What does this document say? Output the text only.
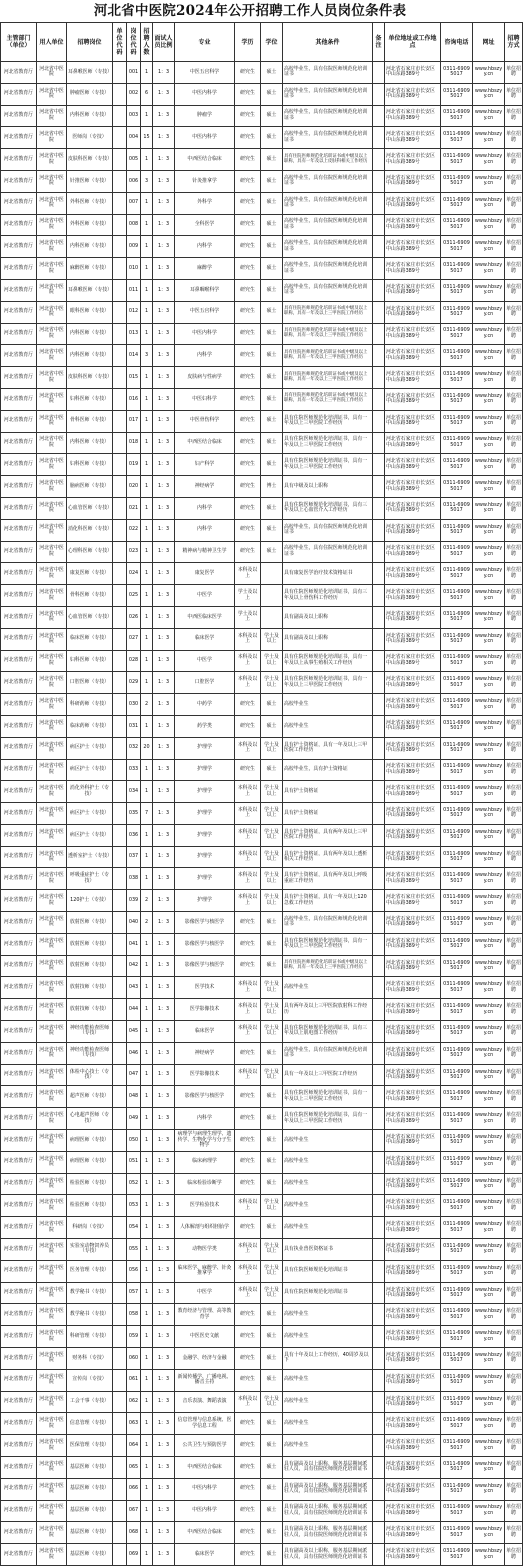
河北省中医院2024年公开招聘工作人员岗位条件表
主管部门（单位）	用人单位	招聘岗位	单位代码	岗位代码	招聘人数	面试人员比例	专业	学历	学位	其他条件	备注	单位地址或工作地点	咨询电话	网址	招聘方式
河北省教育厅	河北省中医院	耳鼻喉医师（专技）		001	1	1：3	中医五官科学	研究生	硕士	高校毕业生，具有住院医师规范化培训证书		河北省石家庄市长安区中山东路389号	0311-69095017	www.hbszyy.cn	单位招聘
河北省教育厅	河北省中医院	肿瘤医师（专技）		002	6	1：3	中医内科学	研究生	硕士	高校毕业生，具有住院医师规范化培训证书		河北省石家庄市长安区中山东路389号	0311-69095017	www.hbszyy.cn	单位招聘
河北省教育厅	河北省中医院	内科医师（专技）		003	1	1：3	肿瘤学	研究生	硕士	高校毕业生，具有住院医师规范化培训证书		河北省石家庄市长安区中山东路389号	0311-69095017	www.hbszyy.cn	单位招聘
河北省教育厅	河北省中医院	医师岗（专技）		004	15	1：3	中医内科学	研究生	硕士	高校毕业生，具有住院医师规范化培训证书		河北省石家庄市长安区中山东路389号	0311-69095017	www.hbszyy.cn	单位招聘
河北省教育厅	河北省中医院	皮肤科医师（专技）		005	1	1：3	中西医结合临床	研究生	硕士	具有住院医师规范化培训证书或中级及以上职称，具有一年及以上皮肤科相关工作经历		河北省石家庄市长安区中山东路389号	0311-69095017	www.hbszyy.cn	单位招聘
河北省教育厅	河北省中医院	针推医师（专技）		006	3	1：3	针灸推拿学	研究生	硕士	高校毕业生，具有住院医师规范化培训证书		河北省石家庄市长安区中山东路389号	0311-69095017	www.hbszyy.cn	单位招聘
河北省教育厅	河北省中医院	外科医师（专技）		007	1	1：3	外科学	研究生	硕士	高校毕业生，具有住院医师规范化培训证书		河北省石家庄市长安区中山东路389号	0311-69095017	www.hbszyy.cn	单位招聘
河北省教育厅	河北省中医院	外科医师（专技）		008	1	1：3	全科医学	研究生	硕士	高校毕业生，具有住院医师规范化培训证书		河北省石家庄市长安区中山东路389号	0311-69095017	www.hbszyy.cn	单位招聘
河北省教育厅	河北省中医院	内科医师（专技）		009	1	1：3	内科学	研究生	硕士	高校毕业生，具有住院医师规范化培训证书		河北省石家庄市长安区中山东路389号	0311-69095017	www.hbszyy.cn	单位招聘
河北省教育厅	河北省中医院	麻醉医师（专技）		010	1	1：3	麻醉学	研究生	硕士	高校毕业生，具有住院医师规范化培训证书		河北省石家庄市长安区中山东路389号	0311-69095017	www.hbszyy.cn	单位招聘
河北省教育厅	河北省中医院	耳鼻喉医师（专技）		011	1	1：3	耳鼻咽喉科学	研究生	硕士	高校毕业生，具有住院医师规范化培训证书		河北省石家庄市长安区中山东路389号	0311-69095017	www.hbszyy.cn	单位招聘
河北省教育厅	河北省中医院	眼科医师（专技）		012	1	1：3	中医五官科学	研究生	硕士	具有住院医师规范化培训证书或中级及以上职称，具有一年及以上三甲医院工作经历		河北省石家庄市长安区中山东路389号	0311-69095017	www.hbszyy.cn	单位招聘
河北省教育厅	河北省中医院	内科医师（专技）		013	1	1：3	中医内科学	研究生	硕士	具有住院医师规范化培训证书或中级及以上职称，具有一年及以上三甲医院工作经历		河北省石家庄市长安区中山东路389号	0311-69095017	www.hbszyy.cn	单位招聘
河北省教育厅	河北省中医院	内科医师（专技）		014	3	1：3	内科学	研究生	硕士	具有住院医师规范化培训证书或中级及以上职称，具有一年及以上三甲医院工作经历		河北省石家庄市长安区中山东路389号	0311-69095017	www.hbszyy.cn	单位招聘
河北省教育厅	河北省中医院	皮肤科医师（专技）		015	1	1：3	皮肤病与性病学	研究生	硕士	具有住院医师规范化培训证书或中级及以上职称，具有一年及以上三甲医院工作经历		河北省石家庄市长安区中山东路389号	0311-69095017	www.hbszyy.cn	单位招聘
河北省教育厅	河北省中医院	妇科医师（专技）		016	1	1：3	中医妇科学	研究生	硕士	具有住院医师规范化培训证书或中级及以上职称，具有一年及以上三甲医院工作经历		河北省石家庄市长安区中山东路389号	0311-69095017	www.hbszyy.cn	单位招聘
河北省教育厅	河北省中医院	骨科医师（专技）		017	1	1：3	中医骨伤科学	研究生	硕士	具有住院医师规范化培训证书，具有一年及以上三甲医院工作经历		河北省石家庄市长安区中山东路389号	0311-69095017	www.hbszyy.cn	单位招聘
河北省教育厅	河北省中医院	内科医师（专技）		018	1	1：3	中西医结合临床	研究生	硕士	具有住院医师规范化培训证书，具有一年及以上三甲医院工作经历		河北省石家庄市长安区中山东路389号	0311-69095017	www.hbszyy.cn	单位招聘
河北省教育厅	河北省中医院	妇科医师（专技）		019	1	1：3	妇产科学	研究生	硕士	具有住院医师规范化培训证书，具有一年及以上三甲医院工作经历		河北省石家庄市长安区中山东路389号	0311-69095017	www.hbszyy.cn	单位招聘
河北省教育厅	河北省中医院	脑病医师（专技）		020	1	1：3	神经病学	研究生	博士	具有中级及以上职称		河北省石家庄市长安区中山东路389号	0311-69095017	www.hbszyy.cn	单位招聘
河北省教育厅	河北省中医院	心血管医师（专技）		021	1	1：3	内科学	研究生	硕士	具有住院医师规范化培训证书，具有三年及以上心血管介入工作经历		河北省石家庄市长安区中山东路389号	0311-69095017	www.hbszyy.cn	单位招聘
河北省教育厅	河北省中医院	消化科医师（专技）		022	1	1：3	内科学	研究生	硕士	高校毕业生，具有住院医师规范化培训证书		河北省石家庄市长安区中山东路389号	0311-69095017	www.hbszyy.cn	单位招聘
河北省教育厅	河北省中医院	心理科医师（专技）		023	1	1：3	精神病与精神卫生学	研究生	硕士	高校毕业生，具有住院医师规范化培训证书		河北省石家庄市长安区中山东路389号	0311-69095017	www.hbszyy.cn	单位招聘
河北省教育厅	河北省中医院	康复医师（专技）		024	1	1：3	康复医学	本科及以上		具有康复医学治疗技术资格证书		河北省石家庄市长安区中山东路389号	0311-69095017	www.hbszyy.cn	单位招聘
河北省教育厅	河北省中医院	骨科医师（专技）		025	1	1：3	中医学	学士及以上		具有住院医师规范化培训证书，具有三年及以上骨伤科工作经历		河北省石家庄市长安区中山东路389号	0311-69095017	www.hbszyy.cn	单位招聘
河北省教育厅	河北省中医院	心血管医师（专技）		026	1	1：3	中西医临床医学	学士及以上		具有副高及以上职称		河北省石家庄市长安区中山东路389号	0311-69095017	www.hbszyy.cn	单位招聘
河北省教育厅	河北省中医院	临床医师（专技）		027	1	1：3	临床医学	本科及以上	学士及以上	具有副高及以上职称		河北省石家庄市长安区中山东路389号	0311-69095017	www.hbszyy.cn	单位招聘
河北省教育厅	河北省中医院	妇科医师（专技）		028	1	1：3	中医学	本科及以上	学士及以上	具有住院医师规范化培训证书，具有一年及以上从事生殖相关工作经历		河北省石家庄市长安区中山东路389号	0311-69095017	www.hbszyy.cn	单位招聘
河北省教育厅	河北省中医院	口腔医师（专技）		029	1	1：3	口腔医学	本科及以上	学士及以上	具有住院医师规范化培训证书，具有一年及以上三甲医院工作经历		河北省石家庄市长安区中山东路389号	0311-69095017	www.hbszyy.cn	单位招聘
河北省教育厅	河北省中医院	科研药师（专技）		030	2	1：3	中药学	研究生	硕士	高校毕业生		河北省石家庄市长安区中山东路389号	0311-69095017	www.hbszyy.cn	单位招聘
河北省教育厅	河北省中医院	临床药师（专技）		031	1	1：3	药学类	研究生	硕士	高校毕业生		河北省石家庄市长安区中山东路389号	0311-69095017	www.hbszyy.cn	单位招聘
河北省教育厅	河北省中医院	病区护士（专技）		032	20	1：3	护理学	本科及以上	学士及以上	具有护士资格证，具有一年及以上三甲医院工作经历		河北省石家庄市长安区中山东路389号	0311-69095017	www.hbszyy.cn	单位招聘
河北省教育厅	河北省中医院	病区护士（专技）		033	1	1：3	护理学	研究生	硕士	高校毕业生，具有护士资格证		河北省石家庄市长安区中山东路389号	0311-69095017	www.hbszyy.cn	单位招聘
河北省教育厅	河北省中医院	消化外科护士（专技）		034	1	1：3	护理学	本科及以上	学士及以上	具有护士资格证		河北省石家庄市长安区中山东路389号	0311-69095017	www.hbszyy.cn	单位招聘
河北省教育厅	河北省中医院	病区护士（专技）		035	7	1：3	护理学	本科及以上	学士及以上	具有护士资格证		河北省石家庄市长安区中山东路389号	0311-69095017	www.hbszyy.cn	单位招聘
河北省教育厅	河北省中医院	病区护士（专技）		036	1	1：3	护理学	本科及以上	学士及以上	具有护士资格证，具有两年及以上三甲医院工作经历		河北省石家庄市长安区中山东路389号	0311-69095017	www.hbszyy.cn	单位招聘
河北省教育厅	河北省中医院	透析室护士（专技）		037	1	1：3	护理学	本科及以上	学士及以上	具有护士资格证，具有两年及以上透析相关工作经历		河北省石家庄市长安区中山东路389号	0311-69095017	www.hbszyy.cn	单位招聘
河北省教育厅	河北省中医院	呼吸重症护士（专技）		038	1	1：3	护理学	本科及以上	学士及以上	具有护士资格证，具有两年及以上呼吸重症工作经历		河北省石家庄市长安区中山东路389号	0311-69095017	www.hbszyy.cn	单位招聘
河北省教育厅	河北省中医院	120护士（专技）		039	2	1：3	护理学	本科及以上	学士及以上	具有护士资格证，具有一年及以上120急救工作经历		河北省石家庄市长安区中山东路389号	0311-69095017	www.hbszyy.cn	单位招聘
河北省教育厅	河北省中医院	放射医师（专技）		040	2	1：3	影像医学与核医学	研究生	硕士	高校毕业生，具有住院医师规范化培训证书		河北省石家庄市长安区中山东路389号	0311-69095017	www.hbszyy.cn	单位招聘
河北省教育厅	河北省中医院	放射医师（专技）		041	1	1：3	影像医学与核医学	研究生	硕士	具有住院医师规范化培训证书，具有一年及以上三甲医院工作经历		河北省石家庄市长安区中山东路389号	0311-69095017	www.hbszyy.cn	单位招聘
河北省教育厅	河北省中医院	放射医师（专技）		042	1	1：3	影像医学与核医学	研究生	硕士	具有住院医师规范化培训证书或中级及以上职称，具有一年及以上三甲医院工作经历		河北省石家庄市长安区中山东路389号	0311-69095017	www.hbszyy.cn	单位招聘
河北省教育厅	河北省中医院	放射技师（专技）		043	1	1：3	医学技术	本科及以上	学士及以上	高校毕业生		河北省石家庄市长安区中山东路389号	0311-69095017	www.hbszyy.cn	单位招聘
河北省教育厅	河北省中医院	放射技师（专技）		044	1	1：3	医学影像技术	本科及以上	学士及以上	具有两年及以上三甲医院放射科工作经历		河北省石家庄市长安区中山东路389号	0311-69095017	www.hbszyy.cn	单位招聘
河北省教育厅	河北省中医院	神经功能检查医师（专技）		045	1	1：3	临床医学	本科及以上	学士及以上	具有住院医师规范化培训证书，具有三年及以上肌电图工作经历		河北省石家庄市长安区中山东路389号	0311-69095017	www.hbszyy.cn	单位招聘
河北省教育厅	河北省中医院	神经功能检查医师（专技）		046	1	1：3	神经病学	研究生	硕士	高校毕业生，具有住院医师规范化培训证书		河北省石家庄市长安区中山东路389号	0311-69095017	www.hbszyy.cn	单位招聘
河北省教育厅	河北省中医院	体检中心技士（专技）		047	1	1：3	医学影像技术	本科及以上	学士及以上	具有一年及以上三甲医院工作经历		河北省石家庄市长安区中山东路389号	0311-69095017	www.hbszyy.cn	单位招聘
河北省教育厅	河北省中医院	超声医师（专技）		048	1	1：3	影像医学与核医学	研究生	硕士	具有住院医师规范化培训证书，具有一年及以上三甲医院工作经历		河北省石家庄市长安区中山东路389号	0311-69095017	www.hbszyy.cn	单位招聘
河北省教育厅	河北省中医院	心电超声医师（专技）		049	1	1：3	内科学	研究生	硕士	具有住院医师规范化培训证书，具有一年及以上三甲医院工作经历		河北省石家庄市长安区中山东路389号	0311-69095017	www.hbszyy.cn	单位招聘
河北省教育厅	河北省中医院	病理医师（专技）		050	1	1：3	病理学与病理生理学、遗传学、生物化学与分子生物学	研究生	硕士	高校毕业生		河北省石家庄市长安区中山东路389号	0311-69095017	www.hbszyy.cn	单位招聘
河北省教育厅	河北省中医院	病理医师（专技）		051	1	1：3	临床病理学	研究生	硕士	高校毕业生		河北省石家庄市长安区中山东路389号	0311-69095017	www.hbszyy.cn	单位招聘
河北省教育厅	河北省中医院	检验医师（专技）		052	1	1：3	临床检验诊断学	研究生	硕士	高校毕业生		河北省石家庄市长安区中山东路389号	0311-69095017	www.hbszyy.cn	单位招聘
河北省教育厅	河北省中医院	检验医师（专技）		053	1	1：3	医学检验技术	本科及以上	学士及以上	高校毕业生		河北省石家庄市长安区中山东路389号	0311-69095017	www.hbszyy.cn	单位招聘
河北省教育厅	河北省中医院	科研岗（专技）		054	1	1：3	人体解剖与组织胚胎学	研究生	硕士	高校毕业生		河北省石家庄市长安区中山东路389号	0311-69095017	www.hbszyy.cn	单位招聘
河北省教育厅	河北省中医院	实验室动物饲养员（专技）		055	1	1：3	动物医学类	本科及以上	学士及以上	具有执业兽医资格证书		河北省石家庄市长安区中山东路389号	0311-69095017	www.hbszyy.cn	单位招聘
河北省教育厅	河北省中医院	医务管理（专技）		056	1	1：3	临床医学、麻醉学、针灸推拿学	本科及以上	学士及以上	具有住院医师规范化培训证书		河北省石家庄市长安区中山东路389号	0311-69095017	www.hbszyy.cn	单位招聘
河北省教育厅	河北省中医院	教学秘书（专技）		057	1	1：3	中医学	本科及以上	学士及以上	具有住院医师规范化培训证书		河北省石家庄市长安区中山东路389号	0311-69095017	www.hbszyy.cn	单位招聘
河北省教育厅	河北省中医院	教学秘书（专技）		058	1	1：3	教育经济与管理、高等教育学	研究生	硕士	高校毕业生		河北省石家庄市长安区中山东路389号	0311-69095017	www.hbszyy.cn	单位招聘
河北省教育厅	河北省中医院	科研管理（专技）		059	1	1：3	中医医史文献	研究生	硕士	高校毕业生		河北省石家庄市长安区中山东路389号	0311-69095017	www.hbszyy.cn	单位招聘
河北省教育厅	河北省中医院	财务科（专技）		060	1	1：3	金融学、经济与金融	研究生	硕士	具有十年及以上工作经历，40周岁及以下		河北省石家庄市长安区中山东路389号	0311-69095017	www.hbszyy.cn	单位招聘
河北省教育厅	河北省中医院	宣传岗（专技）		061	1	1：3	新闻传播学、广播电视、播音主持	研究生	硕士	高校毕业生		河北省石家庄市长安区中山东路389号	0311-69095017	www.hbszyy.cn	单位招聘
河北省教育厅	河北省中医院	工会干事（专技）		062	1	1：3	音乐表演、舞蹈表演	本科及以上	学士及以上	高校毕业生		河北省石家庄市长安区中山东路389号	0311-69095017	www.hbszyy.cn	单位招聘
河北省教育厅	河北省中医院	信息管理（专技）		063	1	1：3	信息管理与信息系统、医学信息工程	研究生	硕士	高校毕业生		河北省石家庄市长安区中山东路389号	0311-69095017	www.hbszyy.cn	单位招聘
河北省教育厅	河北省中医院	医保管理（专技）		064	1	1：3	公共卫生与预防医学	研究生	硕士	高校毕业生		河北省石家庄市长安区中山东路389号	0311-69095017	www.hbszyy.cn	单位招聘
河北省教育厅	河北省中医院	基层医师（专技）		065	1	1：3	中西医结合临床	研究生	硕士	具有副高及以上职称，服务基层期间派驻人员，具有住院医师规范化培训证书		河北省石家庄市长安区中山东路389号	0311-69095017	www.hbszyy.cn	单位招聘
河北省教育厅	河北省中医院	基层医师（专技）		066	1	1：3	中医内科学	研究生	硕士	具有副高及以上职称，服务基层期间派驻人员，具有住院医师规范化培训证书		河北省石家庄市长安区中山东路389号	0311-69095017	www.hbszyy.cn	单位招聘
河北省教育厅	河北省中医院	基层医师（专技）		067	1	1：3	中医内科学	研究生	硕士	具有副高及以上职称，服务基层期间派驻人员，具有住院医师规范化培训证书		河北省石家庄市长安区中山东路389号	0311-69095017	www.hbszyy.cn	单位招聘
河北省教育厅	河北省中医院	基层医师（专技）		068	1	1：3	中西医结合临床	研究生	硕士	具有副高及以上职称，服务基层期间派驻人员，具有住院医师规范化培训证书		河北省石家庄市长安区中山东路389号	0311-69095017	www.hbszyy.cn	单位招聘
河北省教育厅	河北省中医院	基层医师（专技）		069	1	1：3	临床医学	研究生	硕士	具有副高及以上职称，服务基层期间派驻人员，具有住院医师规范化培训证书		河北省石家庄市长安区中山东路389号	0311-69095017	www.hbszyy.cn	单位招聘
